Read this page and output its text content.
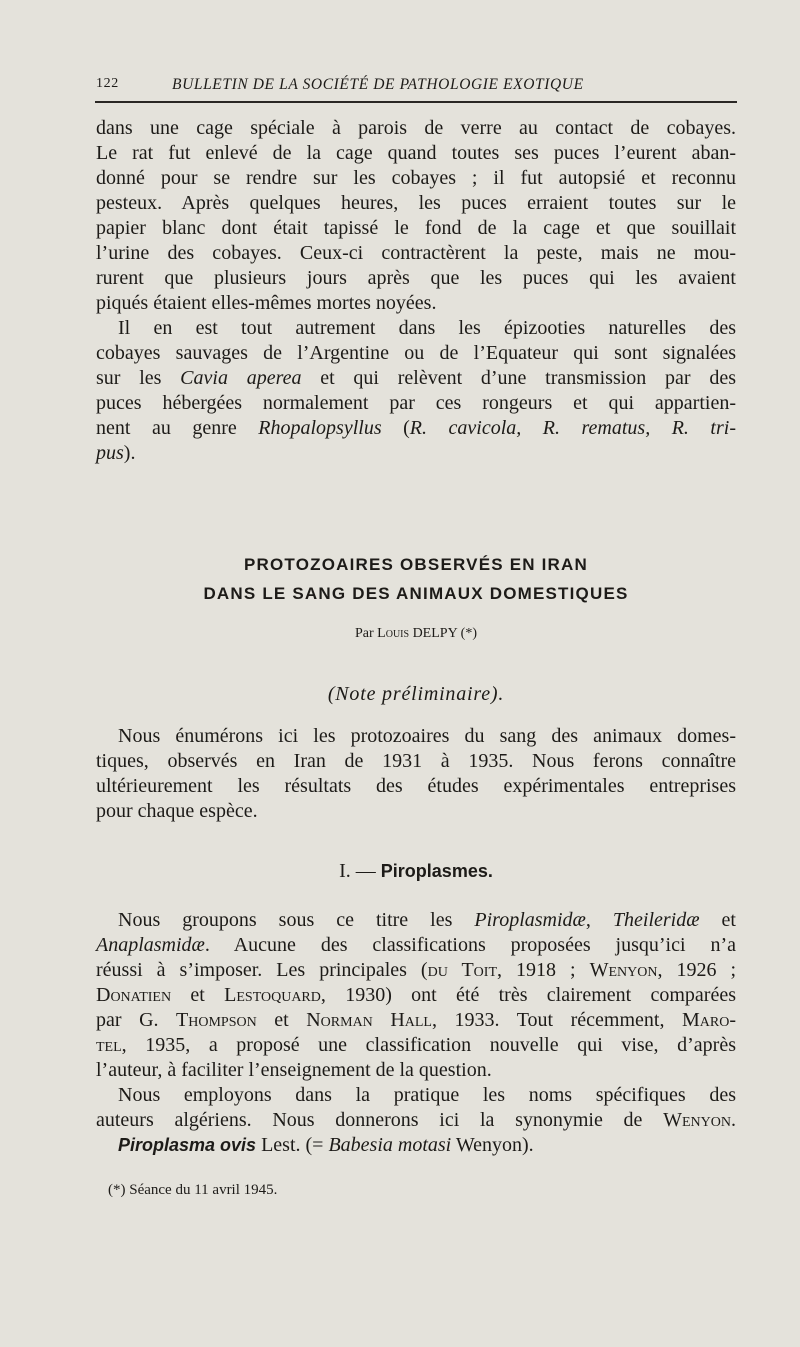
122	BULLETIN DE LA SOCIÉTÉ DE PATHOLOGIE EXOTIQUE
dans une cage spéciale à parois de verre au contact de cobayes.
Le rat fut enlevé de la cage quand toutes ses puces l’eurent aban-
donné pour se rendre sur les cobayes ; il fut autopsié et reconnu
pesteux. Après quelques heures, les puces erraient toutes sur le
papier blanc dont était tapissé le fond de la cage et que souillait
l’urine des cobayes. Ceux-ci contractèrent la peste, mais ne mou-
rurent que plusieurs jours après que les puces qui les avaient
piqués étaient elles-mêmes mortes noyées.
Il en est tout autrement dans les épizooties naturelles des
cobayes sauvages de l’Argentine ou de l’Equateur qui sont signalées
sur les Cavia aperea et qui relèvent d’une transmission par des
puces hébergées normalement par ces rongeurs et qui appartien-
nent au genre Rhopalopsyllus (R. cavicola, R. rematus, R. tri-
pus).
PROTOZOAIRES OBSERVÉS EN IRAN
DANS LE SANG DES ANIMAUX DOMESTIQUES
Par Louis DELPY (*)
(Note préliminaire).
Nous énumérons ici les protozoaires du sang des animaux domes-
tiques, observés en Iran de 1931 à 1935. Nous ferons connaître
ultérieurement les résultats des études expérimentales entreprises
pour chaque espèce.
I. — Piroplasmes.
Nous groupons sous ce titre les Piroplasmidæ, Theileridæ et
Anaplasmidæ. Aucune des classifications proposées jusqu’ici n’a
réussi à s’imposer. Les principales (du Toit, 1918 ; Wenyon, 1926 ;
Donatien et Lestoquard, 1930) ont été très clairement comparées
par G. Thompson et Norman Hall, 1933. Tout récemment, Maro-
tel, 1935, a proposé une classification nouvelle qui vise, d’après
l’auteur, à faciliter l’enseignement de la question.
Nous employons dans la pratique les noms spécifiques des
auteurs algériens. Nous donnerons ici la synonymie de Wenyon.
Piroplasma ovis Lest. (= Babesia motasi Wenyon).
(*) Séance du 11 avril 1945.
